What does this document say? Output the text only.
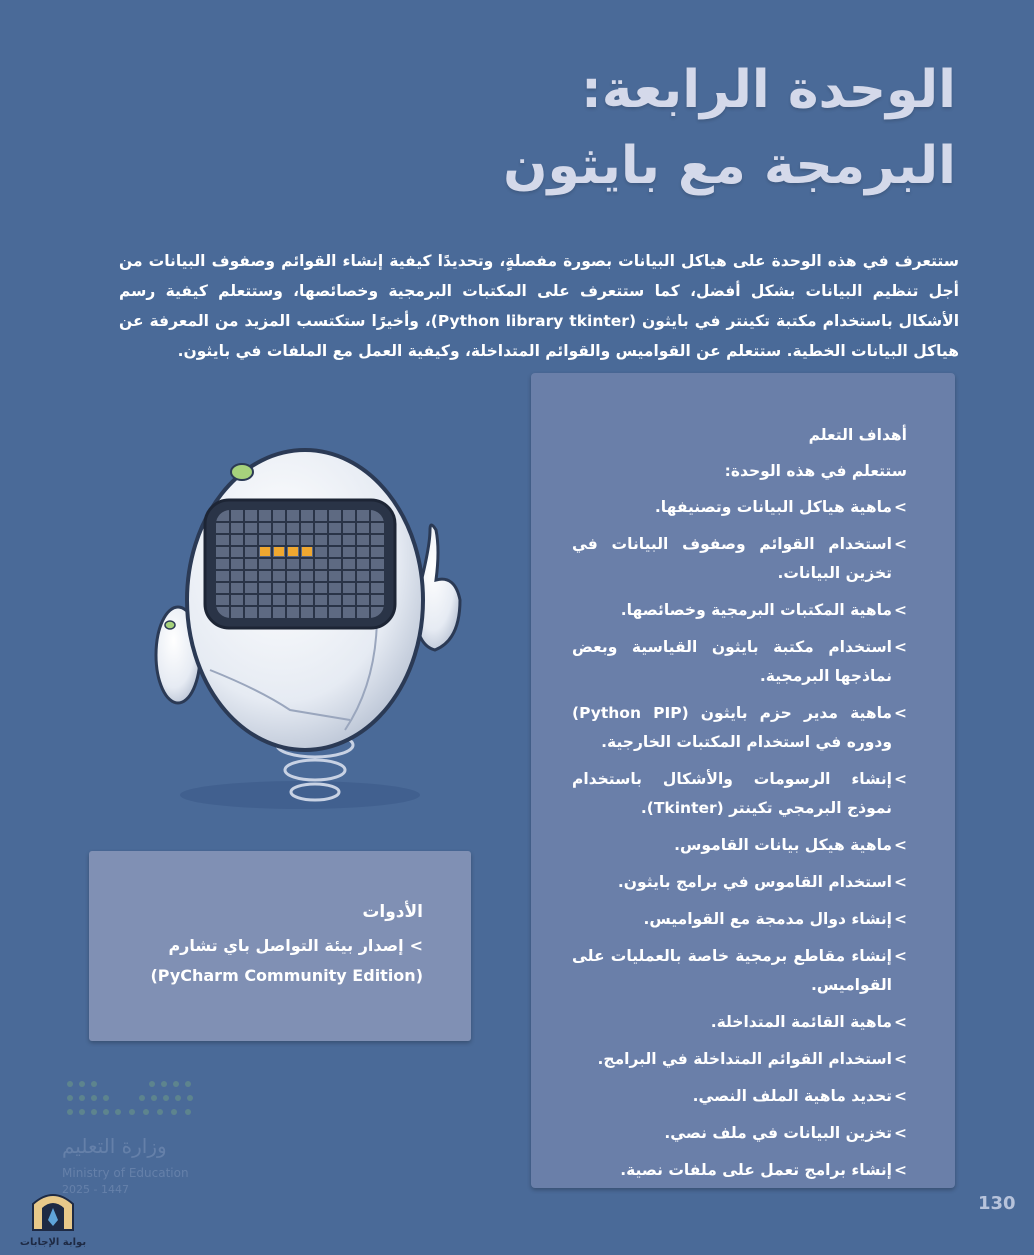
الوحدة الرابعة:
البرمجة مع بايثون

ستتعرف في هذه الوحدة على هياكل البيانات بصورة مفصلةٍ، وتحديدًا كيفية إنشاء القوائم وصفوف البيانات من أجل تنظيم البيانات بشكل أفضل، كما ستتعرف على المكتبات البرمجية وخصائصها، وستتعلم كيفية رسم الأشكال باستخدام مكتبة تكينتر في بايثون (Python library tkinter)، وأخيرًا ستكتسب المزيد من المعرفة عن هياكل البيانات الخطية. ستتعلم عن القواميس والقوائم المتداخلة، وكيفية العمل مع الملفات في بايثون.

أهداف التعلم

ستتعلم في هذه الوحدة:

>
ماهية هياكل البيانات وتصنيفها.
>
استخدام القوائم وصفوف البيانات في تخزين البيانات.
>
ماهية المكتبات البرمجية وخصائصها.
>
استخدام مكتبة بايثون القياسية وبعض نماذجها البرمجية.
>
ماهية مدير حزم بايثون (Python PIP) ودوره في استخدام المكتبات الخارجية.
>
إنشاء الرسومات والأشكال باستخدام نموذج البرمجي تكينتر (Tkinter).
>
ماهية هيكل بيانات القاموس.
>
استخدام القاموس في برامج بايثون.
>
إنشاء دوال مدمجة مع القواميس.
>
إنشاء مقاطع برمجية خاصة بالعمليات على القواميس.
>
ماهية القائمة المتداخلة.
>
استخدام القوائم المتداخلة في البرامج.
>
تحديد ماهية الملف النصي.
>
تخزين البيانات في ملف نصي.
>
إنشاء برامج تعمل على ملفات نصية.

الأدوات

>إصدار بيئة التواصل باي تشارم
(PyCharm Community Edition)
وزارة التعليم
Ministry of Education
2025 - 1447
بوابة الإجابات
130
